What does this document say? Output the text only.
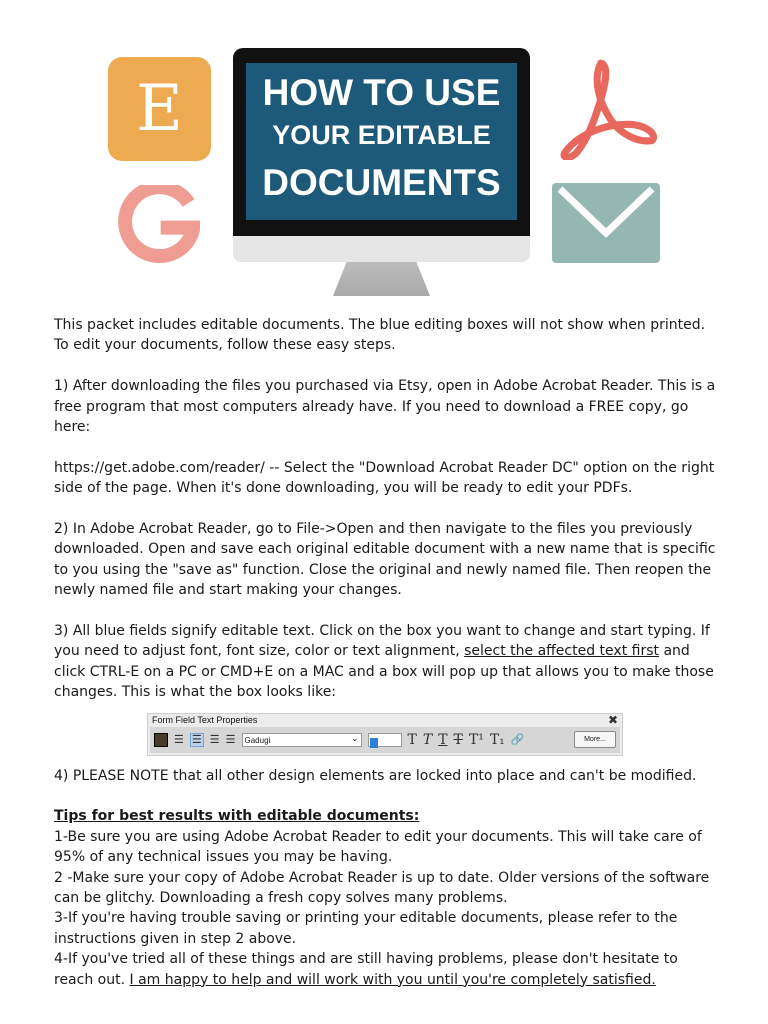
E	HOW TO USE
YOUR EDITABLE
DOCUMENTS

This packet includes editable documents. The blue editing boxes will not show when printed. To edit your documents, follow these easy steps.

1) After downloading the files you purchased via Etsy, open in Adobe Acrobat Reader. This is a free program that most computers already have. If you need to download a FREE copy, go here:

https://get.adobe.com/reader/ -- Select the "Download Acrobat Reader DC" option on the right side of the page. When it's done downloading, you will be ready to edit your PDFs.

2) In Adobe Acrobat Reader, go to File->Open and then navigate to the files you previously downloaded. Open and save each original editable document with a new name that is specific to you using the "save as" function. Close the original and newly named file. Then reopen the newly named file and start making your changes.

3) All blue fields signify editable text. Click on the box you want to change and start typing. If you need to adjust font, font size, color or text alignment, select the affected text first and click CTRL-E on a PC or CMD+E on a MAC and a box will pop up that allows you to make those changes. This is what the box looks like:

Form Field Text Properties	✖
☰ ☰ ☰ ☰	Gadugi ⌄	T T T T T¹ T₁ 🔗	More...

4) PLEASE NOTE that all other design elements are locked into place and can't be modified.

Tips for best results with editable documents:

1-Be sure you are using Adobe Acrobat Reader to edit your documents. This will take care of 95% of any technical issues you may be having.

2 -Make sure your copy of Adobe Acrobat Reader is up to date. Older versions of the software can be glitchy. Downloading a fresh copy solves many problems.

3-If you're having trouble saving or printing your editable documents, please refer to the instructions given in step 2 above.

4-If you've tried all of these things and are still having problems, please don't hesitate to reach out. I am happy to help and will work with you until you're completely satisfied.
